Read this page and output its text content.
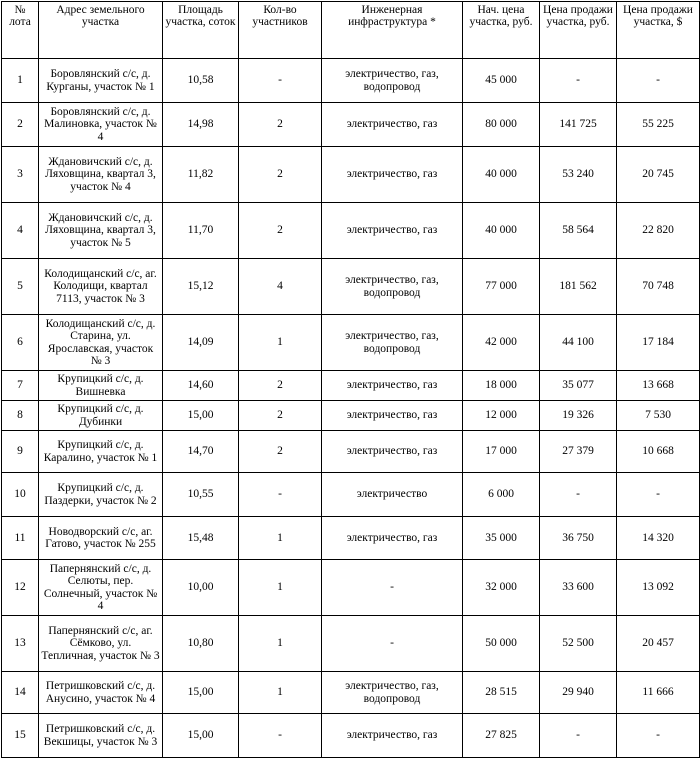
№ лота	Адрес земельного участка	Площадь участка, соток	Кол-во участников	Инженерная инфраструктура *	Нач. цена участка, руб.	Цена продажи участка, руб.	Цена продажи участка, $
1	Боровлянский с/с, д. Курганы, участок № 1	10,58	-	электричество, газ, водопровод	45 000	-	-
2	Боровлянский с/с, д. Малиновка, участок № 4	14,98	2	электричество, газ	80 000	141 725	55 225
3	Ждановичский с/с, д. Ляховщина, квартал 3, участок № 4	11,82	2	электричество, газ	40 000	53 240	20 745
4	Ждановичский с/с, д. Ляховщина, квартал 3, участок № 5	11,70	2	электричество, газ	40 000	58 564	22 820
5	Колодищанский с/с, аг. Колодищи, квартал 7113, участок № 3	15,12	4	электричество, газ, водопровод	77 000	181 562	70 748
6	Колодищанский с/с, д. Старина, ул. Ярославская, участок № 3	14,09	1	электричество, газ, водопровод	42 000	44 100	17 184
7	Крупицкий с/с, д. Вишневка	14,60	2	электричество, газ	18 000	35 077	13 668
8	Крупицкий с/с, д. Дубинки	15,00	2	электричество, газ	12 000	19 326	7 530
9	Крупицкий с/с, д. Каралино, участок № 1	14,70	2	электричество, газ	17 000	27 379	10 668
10	Крупицкий с/с, д. Паздерки, участок № 2	10,55	-	электричество	6 000	-	-
11	Новодворский с/с, аг. Гатово, участок № 255	15,48	1	электричество, газ	35 000	36 750	14 320
12	Папернянский с/с, д. Селюты, пер. Солнечный, участок № 4	10,00	1	-	32 000	33 600	13 092
13	Папернянский с/с, аг. Сёмково, ул. Тепличная, участок № 3	10,80	1	-	50 000	52 500	20 457
14	Петришковский с/с, д. Анусино, участок № 4	15,00	1	электричество, газ, водопровод	28 515	29 940	11 666
15	Петришковский с/с, д. Векшицы, участок № 3	15,00	-	электричество, газ	27 825	-	-
